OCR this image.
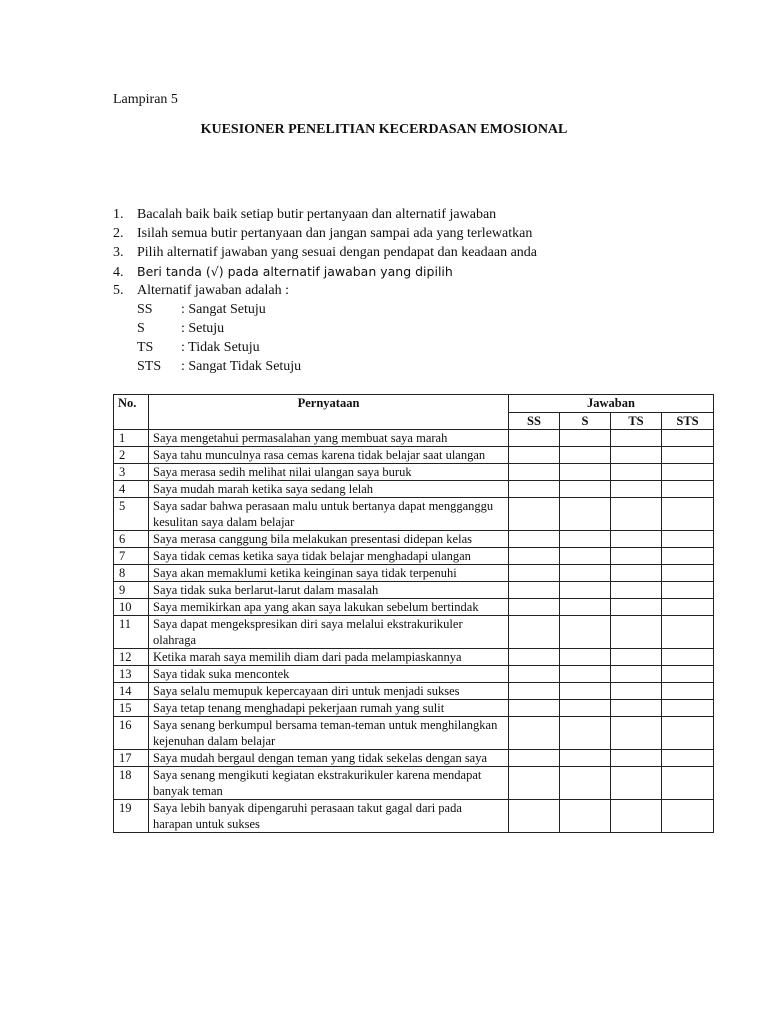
Lampiran 5
KUESIONER PENELITIAN KECERDASAN EMOSIONAL
1. Bacalah baik baik setiap butir pertanyaan dan alternatif jawaban
2. Isilah semua butir pertanyaan dan jangan sampai ada yang terlewatkan
3. Pilih alternatif jawaban yang sesuai dengan pendapat dan keadaan anda
4. Beri tanda (√) pada alternatif jawaban yang dipilih
5. Alternatif jawaban adalah :
SS : Sangat Setuju
S	: Setuju
TS : Tidak Setuju
STS : Sangat Tidak Setuju
No.	Pernyataan	Jawaban			
		SS	S	TS	STS
1	Saya mengetahui permasalahan yang membuat saya marah				
2	Saya tahu munculnya rasa cemas karena tidak belajar saat ulangan				
3	Saya merasa sedih melihat nilai ulangan saya buruk				
4	Saya mudah marah ketika saya sedang lelah				
5	Saya sadar bahwa perasaan malu untuk bertanya dapat mengganggu kesulitan saya dalam belajar				
6	Saya merasa canggung bila melakukan presentasi didepan kelas				
7	Saya tidak cemas ketika saya tidak belajar menghadapi ulangan				
8	Saya akan memaklumi ketika keinginan saya tidak terpenuhi				
9	Saya tidak suka berlarut-larut dalam masalah				
10	Saya memikirkan apa yang akan saya lakukan sebelum bertindak				
11	Saya dapat mengekspresikan diri saya melalui ekstrakurikuler olahraga				
12	Ketika marah saya memilih diam dari pada melampiaskannya				
13	Saya tidak suka mencontek				
14	Saya selalu memupuk kepercayaan diri untuk menjadi sukses				
15	Saya tetap tenang menghadapi pekerjaan rumah yang sulit				
16	Saya senang berkumpul bersama teman-teman untuk menghilangkan kejenuhan dalam belajar				
17	Saya mudah bergaul dengan teman yang tidak sekelas dengan saya				
18	Saya senang mengikuti kegiatan ekstrakurikuler karena mendapat banyak teman				
19	Saya lebih banyak dipengaruhi perasaan takut gagal dari pada harapan untuk sukses				
